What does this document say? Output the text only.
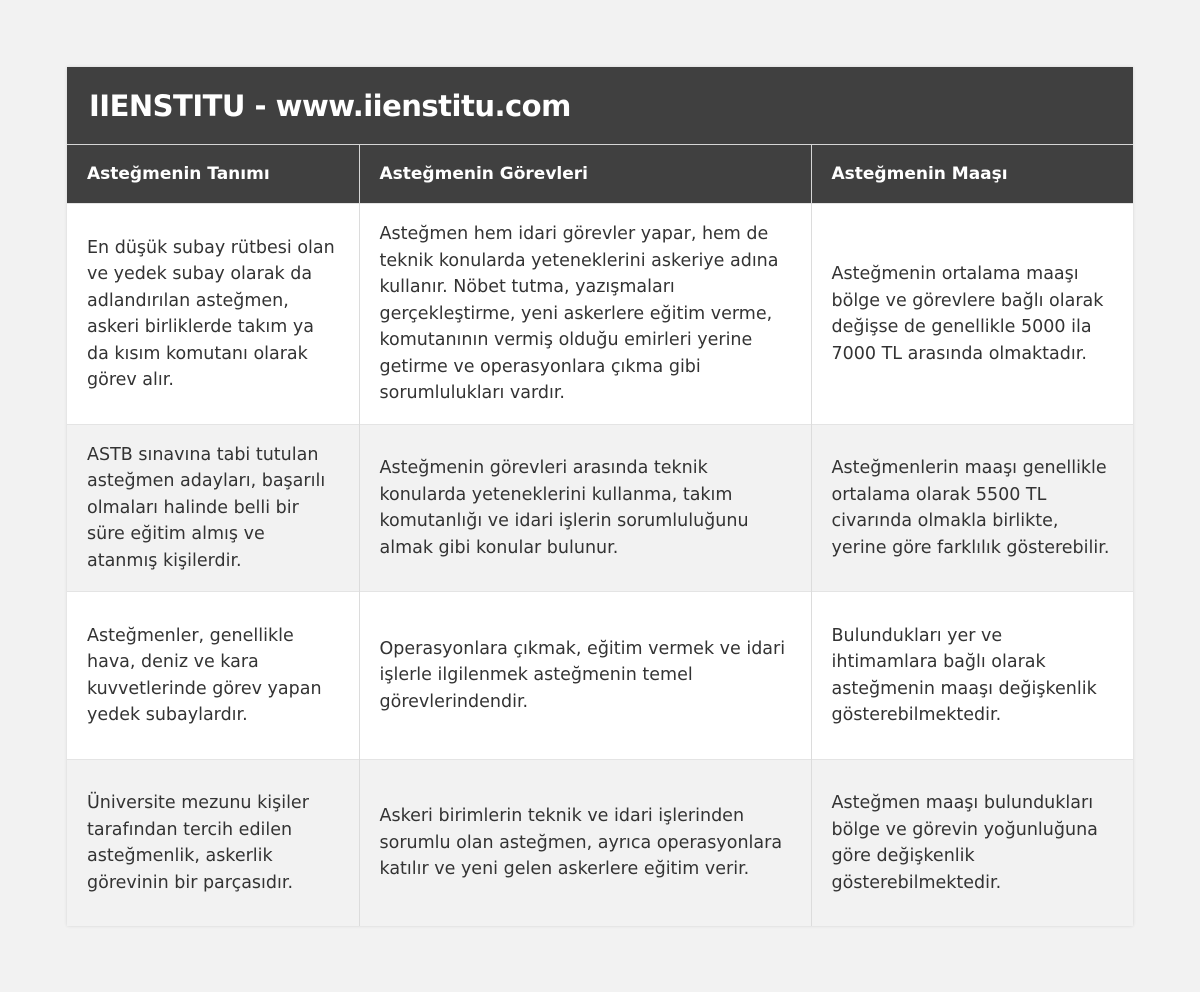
IIENSTITU - www.iienstitu.com
Asteğmenin Tanımı	Asteğmenin Görevleri	Asteğmenin Maaşı
En düşük subay rütbesi olan ve yedek subay olarak da adlandırılan asteğmen, askeri birliklerde takım ya da kısım komutanı olarak görev alır.	Asteğmen hem idari görevler yapar, hem de teknik konularda yeteneklerini askeriye adına kullanır. Nöbet tutma, yazışmaları gerçekleştirme, yeni askerlere eğitim verme, komutanının vermiş olduğu emirleri yerine getirme ve operasyonlara çıkma gibi sorumlulukları vardır.	Asteğmenin ortalama maaşı bölge ve görevlere bağlı olarak değişse de genellikle 5000 ila 7000 TL arasında olmaktadır.
ASTB sınavına tabi tutulan asteğmen adayları, başarılı olmaları halinde belli bir süre eğitim almış ve atanmış kişilerdir.	Asteğmenin görevleri arasında teknik konularda yeteneklerini kullanma, takım komutanlığı ve idari işlerin sorumluluğunu almak gibi konular bulunur.	Asteğmenlerin maaşı genellikle ortalama olarak 5500 TL civarında olmakla birlikte, yerine göre farklılık gösterebilir.
Asteğmenler, genellikle hava, deniz ve kara kuvvetlerinde görev yapan yedek subaylardır.	Operasyonlara çıkmak, eğitim vermek ve idari işlerle ilgilenmek asteğmenin temel görevlerindendir.	Bulundukları yer ve ihtimamlara bağlı olarak asteğmenin maaşı değişkenlik gösterebilmektedir.
Üniversite mezunu kişiler tarafından tercih edilen asteğmenlik, askerlik görevinin bir parçasıdır.	Askeri birimlerin teknik ve idari işlerinden sorumlu olan asteğmen, ayrıca operasyonlara katılır ve yeni gelen askerlere eğitim verir.	Asteğmen maaşı bulundukları bölge ve görevin yoğunluğuna göre değişkenlik gösterebilmektedir.
